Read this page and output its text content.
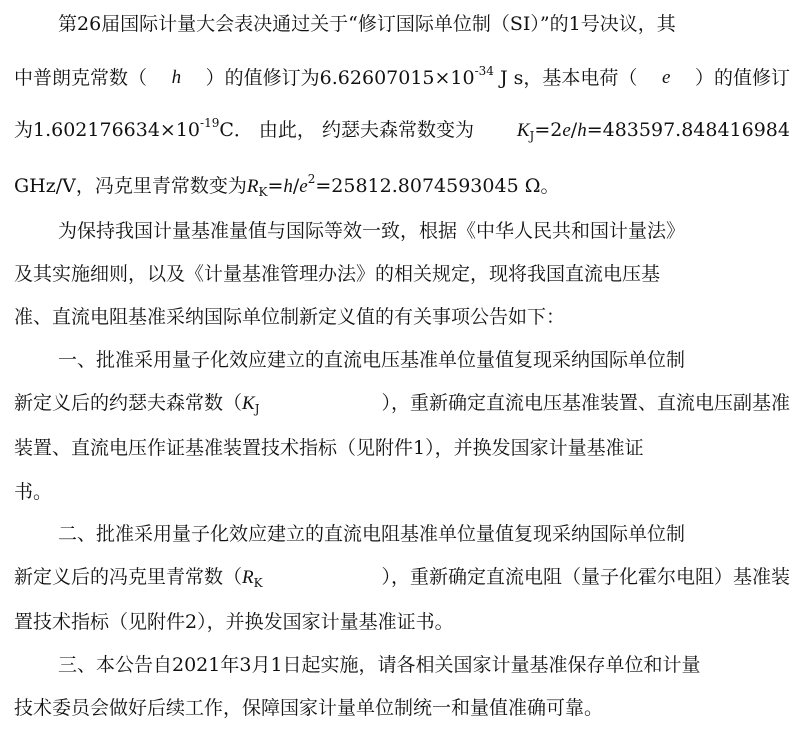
第26届国际计量大会表决通过关于“修订国际单位制（SI）”的1号决议，其
中普朗克常数（ h ）的值修订为$6.62607015\times 10^{-34}$ J s，基本电荷（ e ）的值修订
为$1.602176634\times 10^{-19}C$． 由此， 约瑟夫森常数变为 $K_J=2e/h=483597.848416984$
GHz/V，冯克里青常数变为 $R_K=h/e^2=25812.8074593045$ Ω。
为保持我国计量基准量值与国际等效一致，根据《中华人民共和国计量法》
及其实施细则，以及《计量基准管理办法》的相关规定，现将我国直流电压基
准、直流电阻基准采纳国际单位制新定义值的有关事项公告如下：
一、批准采用量子化效应建立的直流电压基准单位量值复现采纳国际单位制
新定义后的约瑟夫森常数（$K_J$	），重新确定直流电压基准装置、直流电压副基准
装置、直流电压作证基准装置技术指标（见附件1），并换发国家计量基准证
书。
二、批准采用量子化效应建立的直流电阻基准单位量值复现采纳国际单位制
新定义后的冯克里青常数（$R_K$	），重新确定直流电阻（量子化霍尔电阻）基准装
置技术指标（见附件2），并换发国家计量基准证书。
三、本公告自2021年3月1日起实施，请各相关国家计量基准保存单位和计量
技术委员会做好后续工作，保障国家计量单位制统一和量值准确可靠。
